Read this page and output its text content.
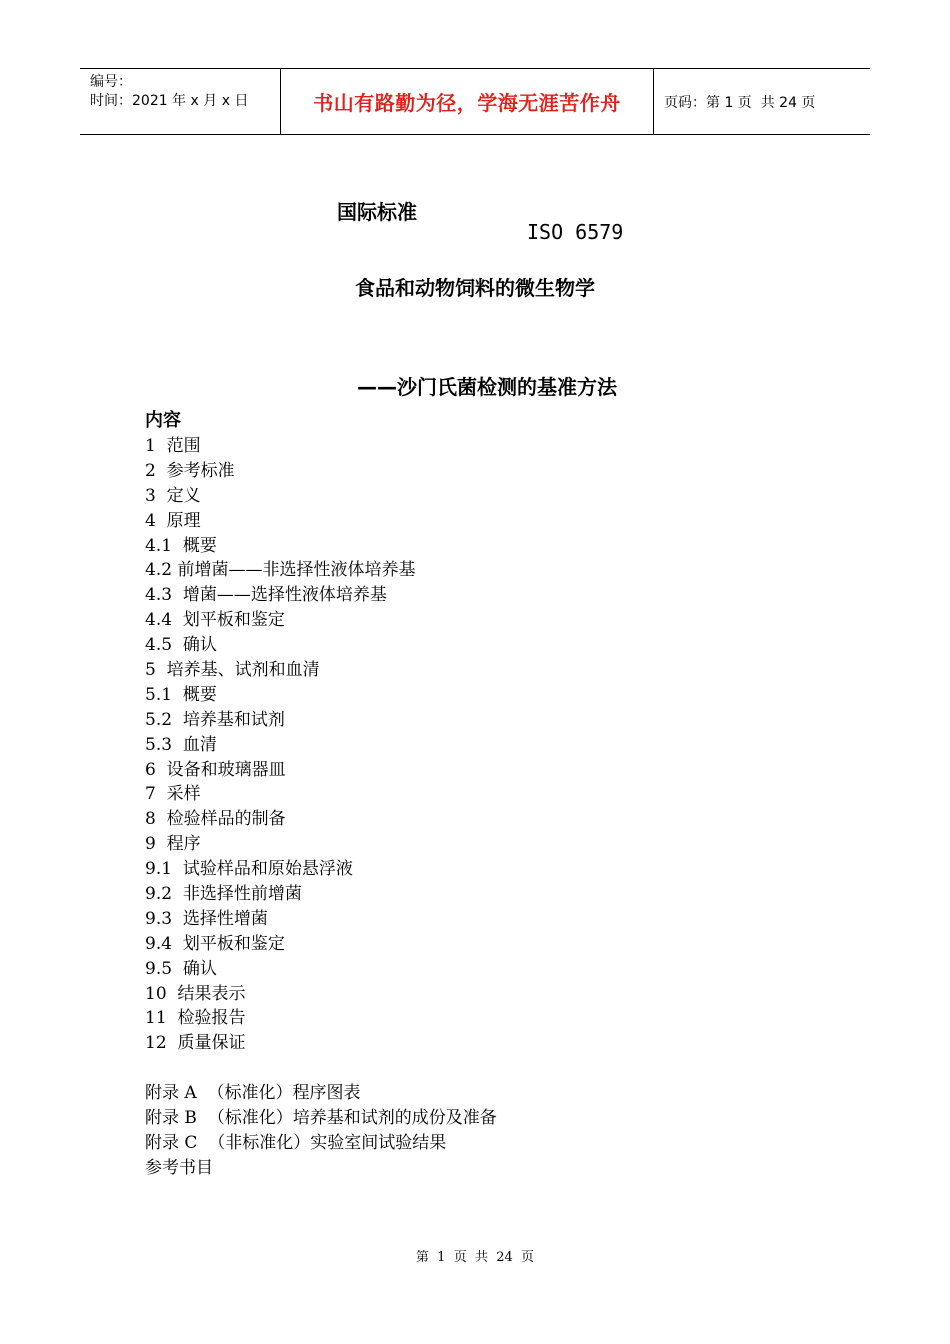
编号：
时间：2021 年 x 月 x 日	书山有路勤为径，学海无涯苦作舟	页码：第 1 页  共 24 页

国际标准

ISO 6579

食品和动物饲料的微生物学
——沙门氏菌检测的基准方法
内容
1  范围
2  参考标准
3  定义
4  原理
4.1  概要
4.2 前增菌——非选择性液体培养基
4.3  增菌——选择性液体培养基
4.4  划平板和鉴定
4.5  确认
5  培养基、试剂和血清
5.1  概要
5.2  培养基和试剂
5.3  血清
6  设备和玻璃器皿
7  采样
8  检验样品的制备
9  程序
9.1  试验样品和原始悬浮液
9.2  非选择性前增菌
9.3  选择性增菌
9.4  划平板和鉴定
9.5  确认
10  结果表示
11  检验报告
12  质量保证
附录 A  （标准化）程序图表
附录 B  （标准化）培养基和试剂的成份及准备
附录 C  （非标准化）实验室间试验结果
参考书目
第  1  页  共  24  页
